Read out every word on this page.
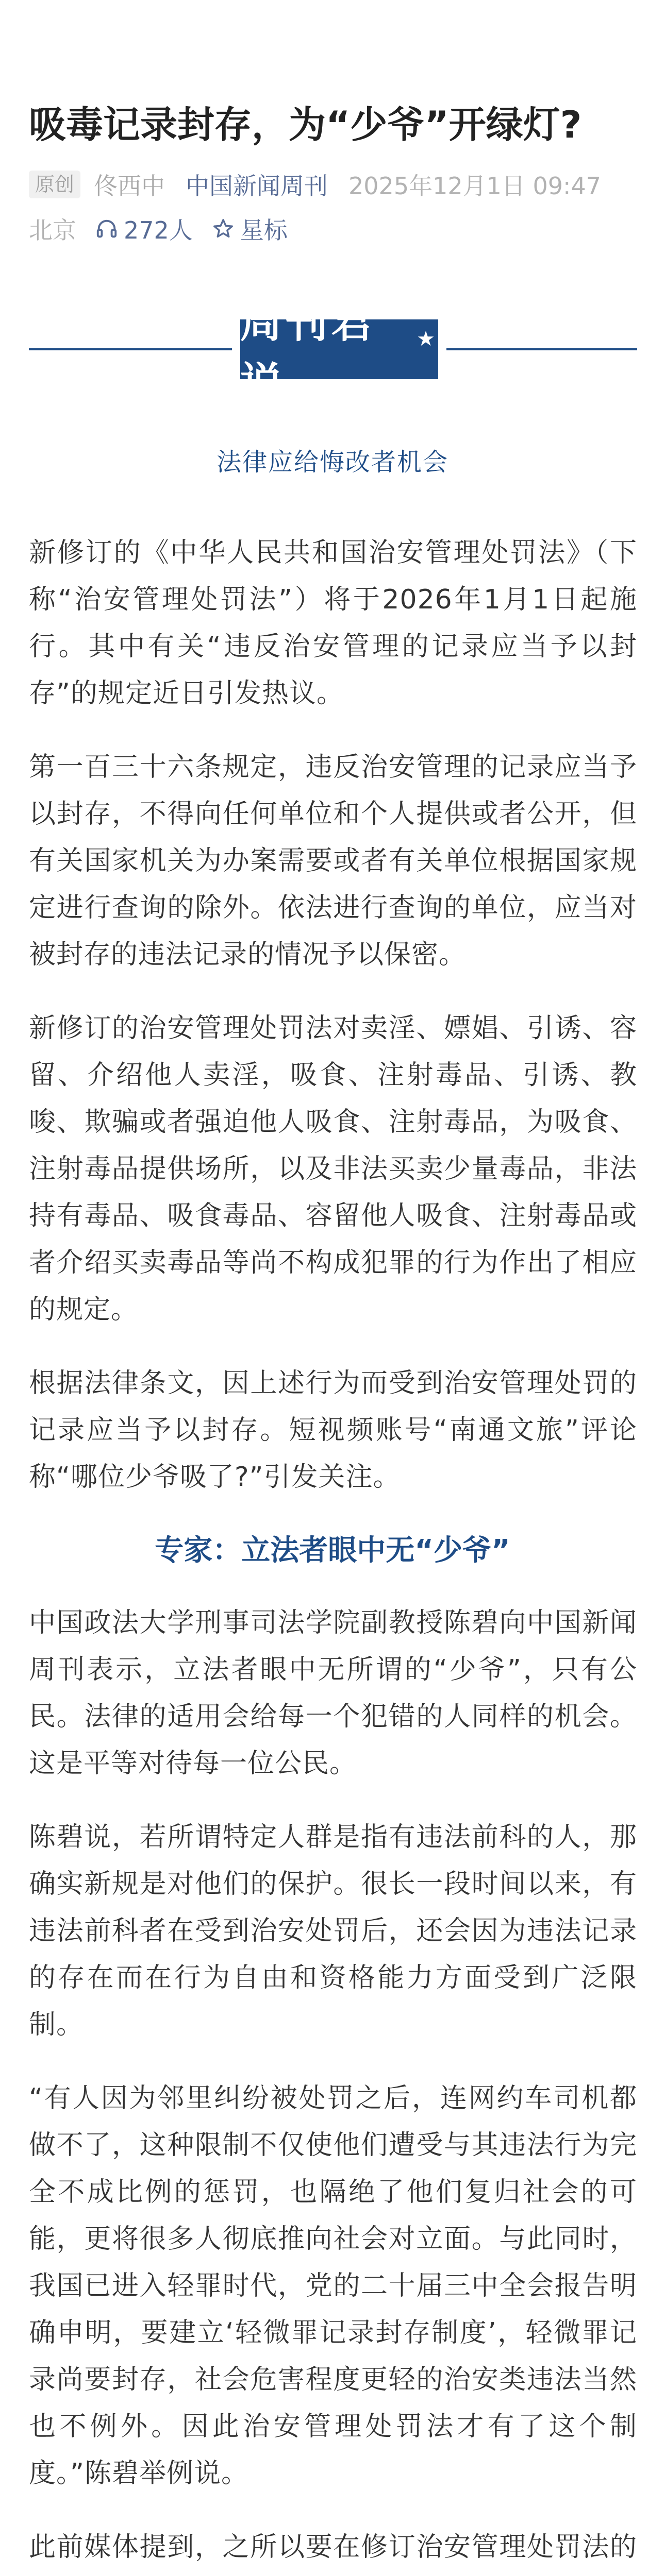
吸毒记录封存，为“少爷”开绿灯?
原创 佟西中 中国新闻周刊 2025年12月1日 09:47
北京 272人 星标
周刊君说
★
法律应给悔改者机会

新修订的《中华人民共和国治安管理处罚法》（下称“治安管理处罚法”）将于2026年1月1日起施行。其中有关“违反治安管理的记录应当予以封存”的规定近日引发热议。

第一百三十六条规定，违反治安管理的记录应当予以封存，不得向任何单位和个人提供或者公开，但有关国家机关为办案需要或者有关单位根据国家规定进行查询的除外。依法进行查询的单位，应当对被封存的违法记录的情况予以保密。

新修订的治安管理处罚法对卖淫、嫖娼、引诱、容留、介绍他人卖淫，吸食、注射毒品、引诱、教唆、欺骗或者强迫他人吸食、注射毒品，为吸食、注射毒品提供场所，以及非法买卖少量毒品，非法持有毒品、吸食毒品、容留他人吸食、注射毒品或者介绍买卖毒品等尚不构成犯罪的行为作出了相应的规定。

根据法律条文，因上述行为而受到治安管理处罚的记录应当予以封存。短视频账号“南通文旅”评论称“哪位少爷吸了?”引发关注。

专家：立法者眼中无“少爷”

中国政法大学刑事司法学院副教授陈碧向中国新闻周刊表示，立法者眼中无所谓的“少爷”，只有公民。法律的适用会给每一个犯错的人同样的机会。这是平等对待每一位公民。

陈碧说，若所谓特定人群是指有违法前科的人，那确实新规是对他们的保护。很长一段时间以来，有违法前科者在受到治安处罚后，还会因为违法记录的存在而在行为自由和资格能力方面受到广泛限制。

“有人因为邻里纠纷被处罚之后，连网约车司机都做不了，这种限制不仅使他们遭受与其违法行为完全不成比例的惩罚，也隔绝了他们复归社会的可能，更将很多人彻底推向社会对立面。与此同时，我国已进入轻罪时代，党的二十届三中全会报告明确申明，要建立‘轻微罪记录封存制度’，轻微罪记录尚要封存，社会危害程度更轻的治安类违法当然也不例外。因此治安管理处罚法才有了这个制度。”陈碧举例说。

此前媒体提到，之所以要在修订治安管理处罚法的
